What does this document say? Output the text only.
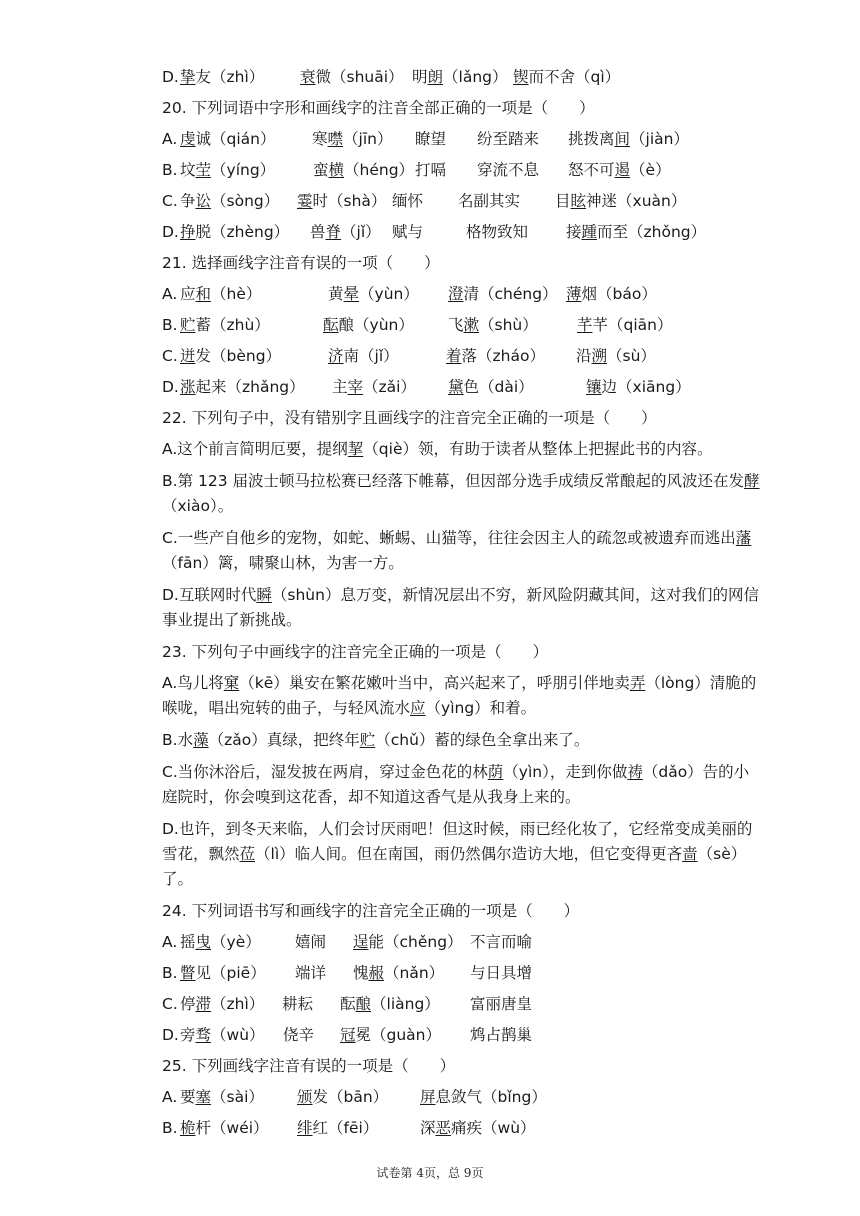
D. 挚友（zhì） 衰微（shuāi） 明朗（lǎng） 锲而不舍（qì）
20. 下列词语中字形和画线字的注音全部正确的一项是（　　）
A. 虔诚（qián） 寒噤（jīn） 瞭望 纷至踏来 挑拨离间（jiàn）
B. 坟茔（yíng） 蛮横（héng） 打嗝 穿流不息 怒不可遏（è）
C. 争讼（sòng） 霎时（shà） 缅怀 名副其实 目眩神迷（xuàn）
D. 挣脱（zhèng） 兽脊（jǐ） 赋与	格物致知 接踵而至（zhǒng）
21. 选择画线字注音有误的一项（　　）
A. 应和（hè）	黄晕（yùn） 澄清（chéng） 薄烟（báo）
B. 贮蓄（zhù）	酝酿（yùn） 飞漱（shù）	芊芊（qiān）
C. 迸发（bèng）	济南（jǐ）	着落（zháo） 沿溯（sù）
D. 涨起来（zhǎng） 主宰（zǎi） 黛色（dài）	镶边（xiāng）
22. 下列句子中，没有错别字且画线字的注音完全正确的一项是（　　）
A.这个前言简明厄要，提纲挈（qiè）领，有助于读者从整体上把握此书的内容。
B.第 123 届波士顿马拉松赛已经落下帷幕，但因部分选手成绩反常酿起的风波还在发酵（xiào）。
C.一些产自他乡的宠物，如蛇、蜥蜴、山猫等，往往会因主人的疏忽或被遗弃而逃出藩（fān）篱，啸聚山林，为害一方。
D.互联网时代瞬（shùn）息万变，新情况层出不穷，新风险阴藏其间，这对我们的网信事业提出了新挑战。
23. 下列句子中画线字的注音完全正确的一项是（　　）
A.鸟儿将窠（kē）巢安在繁花嫩叶当中，高兴起来了，呼朋引伴地卖弄（lòng）清脆的喉咙，唱出宛转的曲子，与轻风流水应（yìng）和着。
B.水藻（zǎo）真绿，把终年贮（chǔ）蓄的绿色全拿出来了。
C.当你沐浴后，湿发披在两肩，穿过金色花的林荫（yìn），走到你做祷（dǎo）告的小庭院时，你会嗅到这花香，却不知道这香气是从我身上来的。
D.也许，到冬天来临，人们会讨厌雨吧！但这时候，雨已经化妆了，它经常变成美丽的雪花，飘然莅（lì）临人间。但在南国，雨仍然偶尔造访大地，但它变得更吝啬（sè）了。
24. 下列词语书写和画线字的注音完全正确的一项是（　　）
A. 摇曳（yè） 嬉闹 逞能（chěng） 不言而喻
B. 瞥见（piē） 端详 愧赧（nǎn） 与日具增
C. 停滞（zhì） 耕耘 酝酿（liàng） 富丽唐皇
D. 旁骛（wù） 侥辛 冠冕（guàn） 鸩占鹊巢
25. 下列画线字注音有误的一项是（　　）
A. 要塞（sài） 颁发（bān） 屏息敛气（bǐng）
B. 桅杆（wéi） 绯红（fēi）	深恶痛疾（wù）
试卷第 4页，总 9页
